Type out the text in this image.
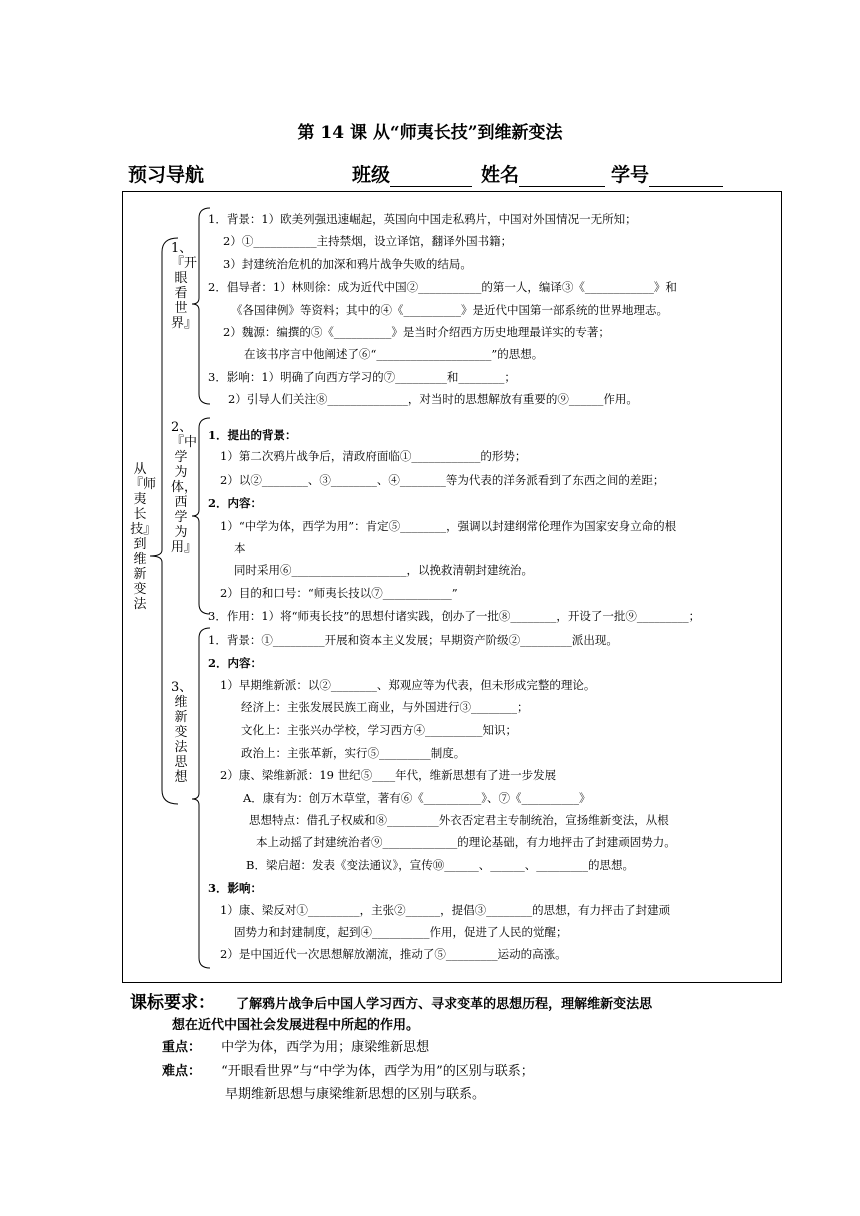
第 14 课 从“师夷长技”到维新变法
预习导航	班级	姓名	学号
从『师夷长技』到维新变法
1、『开眼看世界』
2、『中学为体，西学为用』
3、维新变法思想
1．背景：1）欧美列强迅速崛起，英国向中国走私鸦片，中国对外国情况一无所知；
2）①___________主持禁烟，设立译馆，翻译外国书籍；
3）封建统治危机的加深和鸦片战争失败的结局。
2．倡导者：1）林则徐：成为近代中国②___________的第一人，编译③《____________》和
《各国律例》等资料；其中的④《__________》是近代中国第一部系统的世界地理志。
2）魏源：编撰的⑤《__________》是当时介绍西方历史地理最详实的专著；
在该书序言中他阐述了⑥“____________________”的思想。
3．影响：1）明确了向西方学习的⑦_________和________；
2）引导人们关注⑧______________，对当时的思想解放有重要的⑨______作用。
1．提出的背景：
1）第二次鸦片战争后，清政府面临①____________的形势；
2）以②________、③________、④________等为代表的洋务派看到了东西之间的差距；
2．内容：
1）“中学为体，西学为用”：肯定⑤________，强调以封建纲常伦理作为国家安身立命的根
本
同时采用⑥____________________，以挽救清朝封建统治。
2）目的和口号：“师夷长技以⑦____________”
3．作用：1）将“师夷长技”的思想付诸实践，创办了一批⑧________，开设了一批⑨_________；
1．背景：①_________开展和资本主义发展；早期资产阶级②_________派出现。
2．内容：
1）早期维新派：以②________、郑观应等为代表，但未形成完整的理论。
经济上：主张发展民族工商业，与外国进行③________；
文化上：主张兴办学校，学习西方④__________知识；
政治上：主张革新，实行⑤_________制度。
2）康、梁维新派：19 世纪⑤____年代，维新思想有了进一步发展
A．康有为：创万木草堂，著有⑥《__________》、⑦《__________》
思想特点：借孔子权威和⑧_________外衣否定君主专制统治，宣扬维新变法，从根
本上动摇了封建统治者⑨_____________的理论基础，有力地抨击了封建顽固势力。
B．梁启超：发表《变法通议》，宣传⑩______、______、_________的思想。
3．影响：
1）康、梁反对①_________，主张②______，提倡③________的思想，有力抨击了封建顽
固势力和封建制度，起到④__________作用，促进了人民的觉醒；
2）是中国近代一次思想解放潮流，推动了⑤_________运动的高涨。
课标要求： 了解鸦片战争后中国人学习西方、寻求变革的思想历程，理解维新变法思
想在近代中国社会发展进程中所起的作用。
重点： 中学为体，西学为用；康梁维新思想
难点： “开眼看世界”与“中学为体，西学为用”的区别与联系；
早期维新思想与康梁维新思想的区别与联系。
